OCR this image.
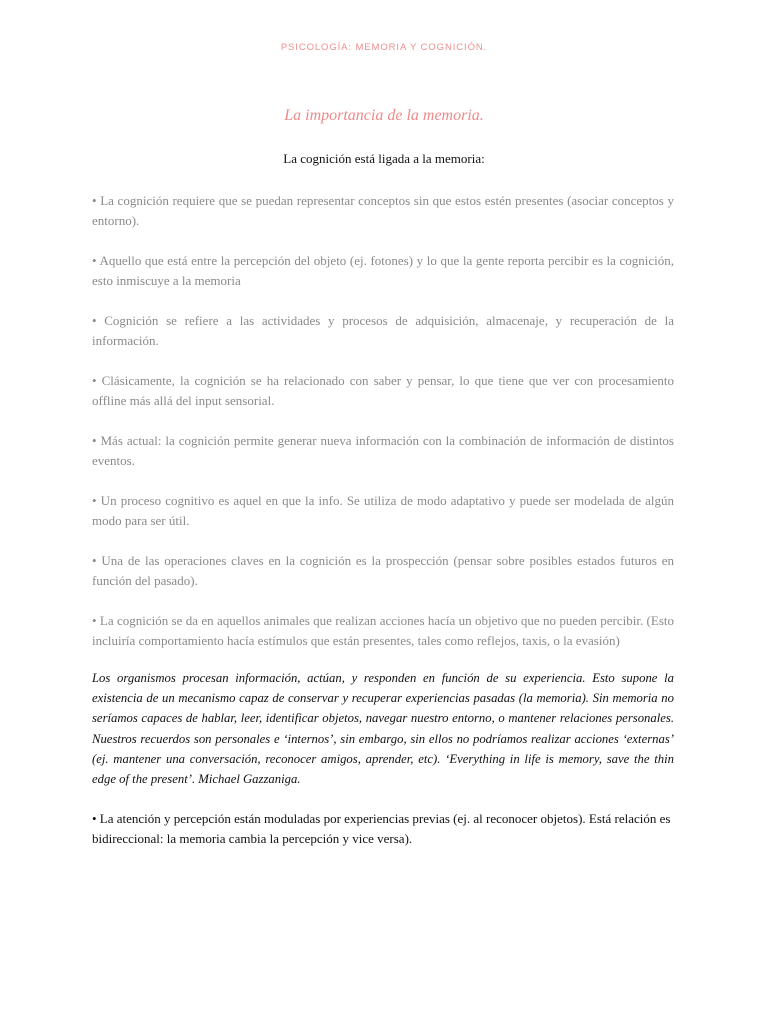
PSICOLOGÍA: MEMORIA Y COGNICIÓN.
La importancia de la memoria.
La cognición está ligada a la memoria:

• La cognición requiere que se puedan representar conceptos sin que estos estén presentes (asociar conceptos y entorno).

• Aquello que está entre la percepción del objeto (ej. fotones) y lo que la gente reporta percibir es la cognición, esto inmiscuye a la memoria

• Cognición se refiere a las actividades y procesos de adquisición, almacenaje, y recuperación de la información.

• Clásicamente, la cognición se ha relacionado con saber y pensar, lo que tiene que ver con procesamiento offline más allá del input sensorial.

• Más actual: la cognición permite generar nueva información con la combinación de información de distintos eventos.

• Un proceso cognitivo es aquel en que la info. Se utiliza de modo adaptativo y puede ser modelada de algún modo para ser útil.

• Una de las operaciones claves en la cognición es la prospección (pensar sobre posibles estados futuros en función del pasado).

• La cognición se da en aquellos animales que realizan acciones hacía un objetivo que no pueden percibir. (Esto incluiría comportamiento hacía estímulos que están presentes, tales como reflejos, taxis, o la evasión)

Los organismos procesan información, actúan, y responden en función de su experiencia. Esto supone la existencia de un mecanismo capaz de conservar y recuperar experiencias pasadas (la memoria). Sin memoria no seríamos capaces de hablar, leer, identificar objetos, navegar nuestro entorno, o mantener relaciones personales. Nuestros recuerdos son personales e ‘internos’, sin embargo, sin ellos no podríamos realizar acciones ‘externas’ (ej. mantener una conversación, reconocer amigos, aprender, etc). ‘Everything in life is memory, save the thin edge of the present’. Michael Gazzaniga.

• La atención y percepción están moduladas por experiencias previas (ej. al reconocer objetos). Está relación es bidireccional: la memoria cambia la percepción y vice versa).
